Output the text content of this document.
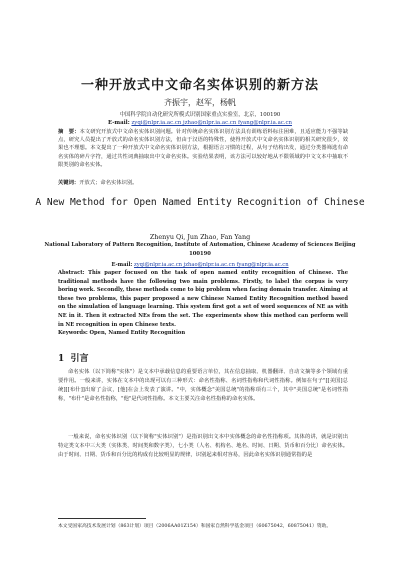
一种开放式中文命名实体识别的新方法
齐振宇，赵军，杨帆
中国科学院自动化研究所模式识别国家重点实验室，北京，100190
E-mail: zyqi@nlpr.ia.ac.cn jzhao@nlpr.ia.ac.cn fyang@nlpr.ia.ac.cn
摘　要：本文研究开放式中文命名实体识别问题。针对传统命名实体识别方法具有训练语料标注困难，且适应能力不强等缺点，研究人员提出了开放式的命名实体识别方法，但由于汉语的特殊性，使得开放式中文命名实体识别的相关研究很少，效果也不理想。本文提出了一种开放式中文命名实体识别方法，根据语言习惯的过程，从句子结构出发，通过分类器筛选有命名实体的碎片字符，通过共性词典抽取出中文命名实体。实验结果表明，该方法可以较好地从不限领域的中文文本中抽取不限类别的命名实体。
关键词：开放式；命名实体识别。
A New Method for Open Named Entity Recognition of Chinese
Zhenyu Qi, Jun Zhao, Fan Yang
National Laboratory of Pattern Recognition, Institute of Automation, Chinese Academy of Sciences Beijing
100190
E-mail: zyqi@nlpr.ia.ac.cn jzhao@nlpr.ia.ac.cn fyang@nlpr.ia.ac.cn
Abstract: This paper focused on the task of open named entity recognition of Chinese. The traditional methods have the following two main problems. Firstly, to label the corpus is very boring work. Secondly, these methods come to big problem when facing domain transfer. Aiming at these two problems, this paper proposed a new Chinese Named Entity Recognition method based on the simulation of language learning. This system first got a set of word sequences of NE as with NE in it. Then it extracted NEs from the set. The experiments show this method can perform well in NE recognition in open Chinese texts.
Keywords: Open, Named Entity Recognition
1 引言
命名实体（以下简称"实体"）是文本中承载信息的重要语言单位，其在信息抽取、机器翻译、自动文摘等多个领域有重要作用。一般来讲，实体在文本中的出现可以有三种形式：命名性指称、名词性指称和代词性指称。例如在句子"[[美国]总统][[布什]]出席了会议，[他]在会上发表了演讲。"中，实体概念"美国总统"的指称项有三个，其中"美国总统"是名词性指称，"布什"是命名性指称，"他"是代词性指称。本文主要关注命名性指称的命名实体。
一般来说，命名实体识别（以下简称"实体识别"）是指识别出文本中实体概念的命名性指称项。其体的讲，就是识别出特定类文本中三大类（实体类、时间类和数字类），七小类（人名、机构名、地名、时间、日期、货币和百分比）命名实体。由于时间、日期、货币和百分比的构成有比较明显的规律，识别起来相对容易，因此命名实体识别通常指的是
本文受国家高技术发展计划（863计划）项目（2006AA01Z154）和国家自然科学基金项目（60675042，60875041）资助。
